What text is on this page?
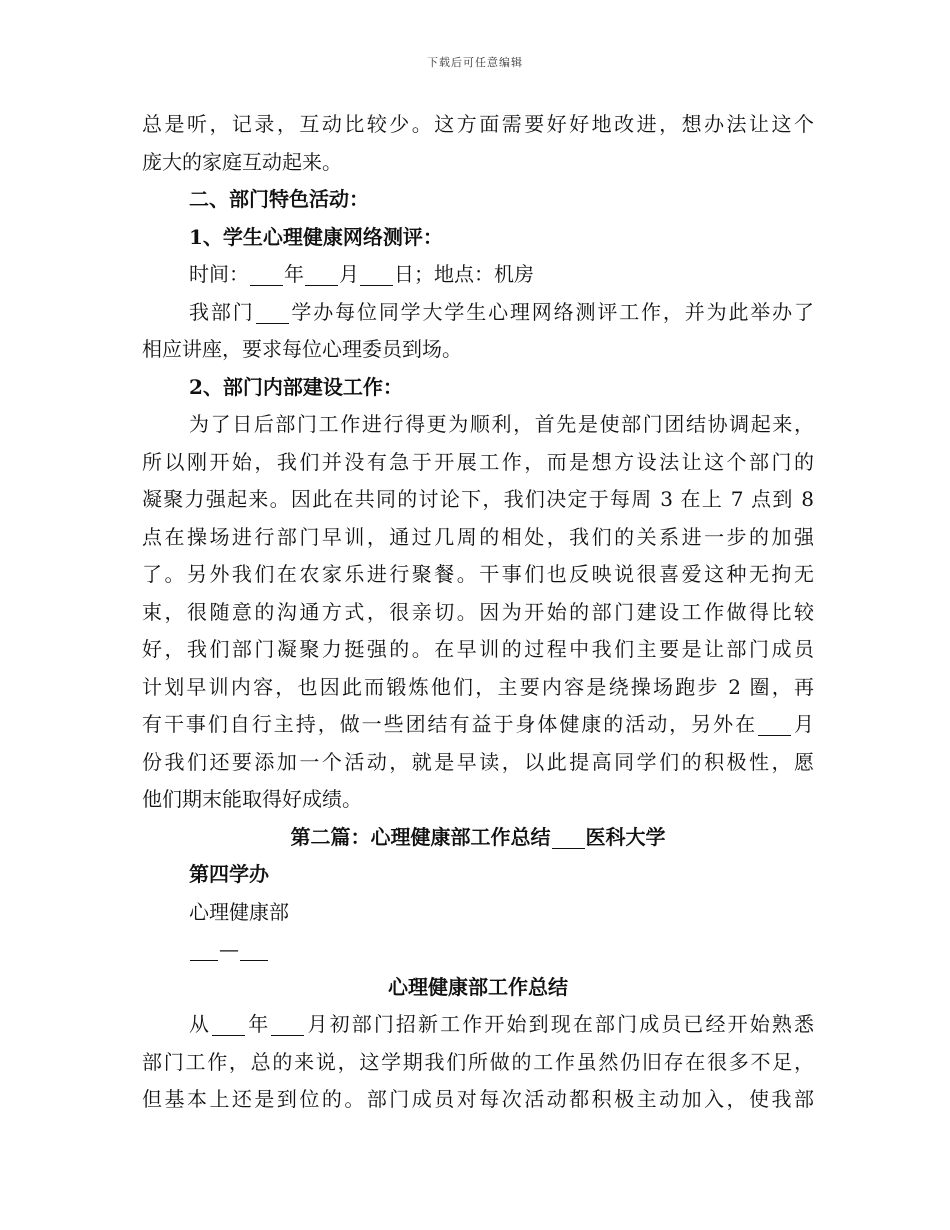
下载后可任意编辑

总是听，记录，互动比较少。这方面需要好好地改进，想办法让这个

庞大的家庭互动起来。

二、部门特色活动：

1、学生心理健康网络测评：

时间： 年 月 日；地点：机房

我部门 学办每位同学大学生心理网络测评工作，并为此举办了

相应讲座，要求每位心理委员到场。

2、部门内部建设工作：

为了日后部门工作进行得更为顺利，首先是使部门团结协调起来，

所以刚开始，我们并没有急于开展工作，而是想方设法让这个部门的

凝聚力强起来。因此在共同的讨论下，我们决定于每周 3 在上 7 点到 8

点在操场进行部门早训，通过几周的相处，我们的关系进一步的加强

了。另外我们在农家乐进行聚餐。干事们也反映说很喜爱这种无拘无

束，很随意的沟通方式，很亲切。因为开始的部门建设工作做得比较

好，我们部门凝聚力挺强的。在早训的过程中我们主要是让部门成员

计划早训内容，也因此而锻炼他们，主要内容是绕操场跑步 2 圈，再

有干事们自行主持，做一些团结有益于身体健康的活动，另外在 月

份我们还要添加一个活动，就是早读，以此提高同学们的积极性，愿

他们期末能取得好成绩。

第二篇：心理健康部工作总结 医科大学

第四学办

心理健康部

—

心理健康部工作总结

从 年 月初部门招新工作开始到现在部门成员已经开始熟悉

部门工作，总的来说，这学期我们所做的工作虽然仍旧存在很多不足，

但基本上还是到位的。部门成员对每次活动都积极主动加入，使我部
